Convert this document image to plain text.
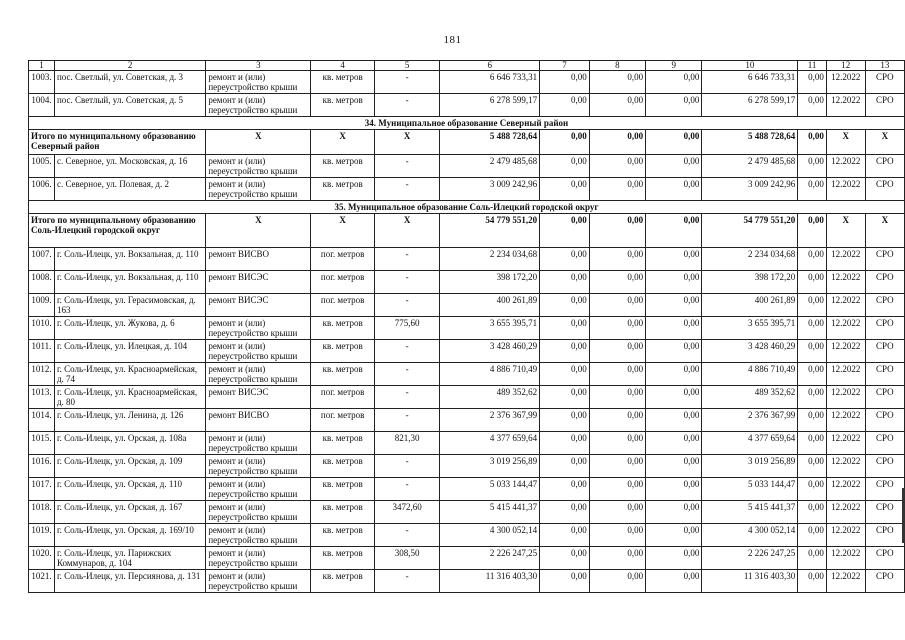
181
1	2	3	4	5	6	7	8	9	10	11	12	13
1003.	пос. Светлый, ул. Советская, д. 3	ремонт и (или) переустройство крыши	кв. метров	-	6 646 733,31	0,00	0,00	0,00	6 646 733,31	0,00	12.2022	СРО
1004.	пос. Светлый, ул. Советская, д. 5	ремонт и (или) переустройство крыши	кв. метров	-	6 278 599,17	0,00	0,00	0,00	6 278 599,17	0,00	12.2022	СРО
34. Муниципальное образование Северный район												
Итого по муниципальному образованию Северный район		X	X	X	5 488 728,64	0,00	0,00	0,00	5 488 728,64	0,00	X	X
1005.	с. Северное, ул. Московская, д. 16	ремонт и (или) переустройство крыши	кв. метров	-	2 479 485,68	0,00	0,00	0,00	2 479 485,68	0,00	12.2022	СРО
1006.	с. Северное, ул. Полевая, д. 2	ремонт и (или) переустройство крыши	кв. метров	-	3 009 242,96	0,00	0,00	0,00	3 009 242,96	0,00	12.2022	СРО
35. Муниципальное образование Соль-Илецкий городской округ												
Итого по муниципальному образованию Соль-Илецкий городской округ		X	X	X	54 779 551,20	0,00	0,00	0,00	54 779 551,20	0,00	X	X
1007.	г. Соль-Илецк, ул. Вокзальная, д. 110	ремонт ВИСВО	пог. метров	-	2 234 034,68	0,00	0,00	0,00	2 234 034,68	0,00	12.2022	СРО
1008.	г. Соль-Илецк, ул. Вокзальная, д. 110	ремонт ВИСЭС	пог. метров	-	398 172,20	0,00	0,00	0,00	398 172,20	0,00	12.2022	СРО
1009.	г. Соль-Илецк, ул. Герасимовская, д. 163	ремонт ВИСЭС	пог. метров	-	400 261,89	0,00	0,00	0,00	400 261,89	0,00	12.2022	СРО
1010.	г. Соль-Илецк, ул. Жукова, д. 6	ремонт и (или) переустройство крыши	кв. метров	775,60	3 655 395,71	0,00	0,00	0,00	3 655 395,71	0,00	12.2022	СРО
1011.	г. Соль-Илецк, ул. Илецкая, д. 104	ремонт и (или) переустройство крыши	кв. метров	-	3 428 460,29	0,00	0,00	0,00	3 428 460,29	0,00	12.2022	СРО
1012.	г. Соль-Илецк, ул. Красноармейская, д. 74	ремонт и (или) переустройство крыши	кв. метров	-	4 886 710,49	0,00	0,00	0,00	4 886 710,49	0,00	12.2022	СРО
1013.	г. Соль-Илецк, ул. Красноармейская, д. 80	ремонт ВИСЭС	пог. метров	-	489 352,62	0,00	0,00	0,00	489 352,62	0,00	12.2022	СРО
1014.	г. Соль-Илецк, ул. Ленина, д. 126	ремонт ВИСВО	пог. метров	-	2 376 367,99	0,00	0,00	0,00	2 376 367,99	0,00	12.2022	СРО
1015.	г. Соль-Илецк, ул. Орская, д. 108а	ремонт и (или) переустройство крыши	кв. метров	821,30	4 377 659,64	0,00	0,00	0,00	4 377 659,64	0,00	12.2022	СРО
1016.	г. Соль-Илецк, ул. Орская, д. 109	ремонт и (или) переустройство крыши	кв. метров	-	3 019 256,89	0,00	0,00	0,00	3 019 256,89	0,00	12.2022	СРО
1017.	г. Соль-Илецк, ул. Орская, д. 110	ремонт и (или) переустройство крыши	кв. метров	-	5 033 144,47	0,00	0,00	0,00	5 033 144,47	0,00	12.2022	СРО
1018.	г. Соль-Илецк, ул. Орская, д. 167	ремонт и (или) переустройство крыши	кв. метров	3472,60	5 415 441,37	0,00	0,00	0,00	5 415 441,37	0,00	12.2022	СРО
1019.	г. Соль-Илецк, ул. Орская, д. 169/10	ремонт и (или) переустройство крыши	кв. метров	-	4 300 052,14	0,00	0,00	0,00	4 300 052,14	0,00	12.2022	СРО
1020.	г. Соль-Илецк, ул. Парижских Коммунаров, д. 104	ремонт и (или) переустройство крыши	кв. метров	308,50	2 226 247,25	0,00	0,00	0,00	2 226 247,25	0,00	12.2022	СРО
1021.	г. Соль-Илецк, ул. Персиянова, д. 131	ремонт и (или) переустройство крыши	кв. метров	-	11 316 403,30	0,00	0,00	0,00	11 316 403,30	0,00	12.2022	СРО
